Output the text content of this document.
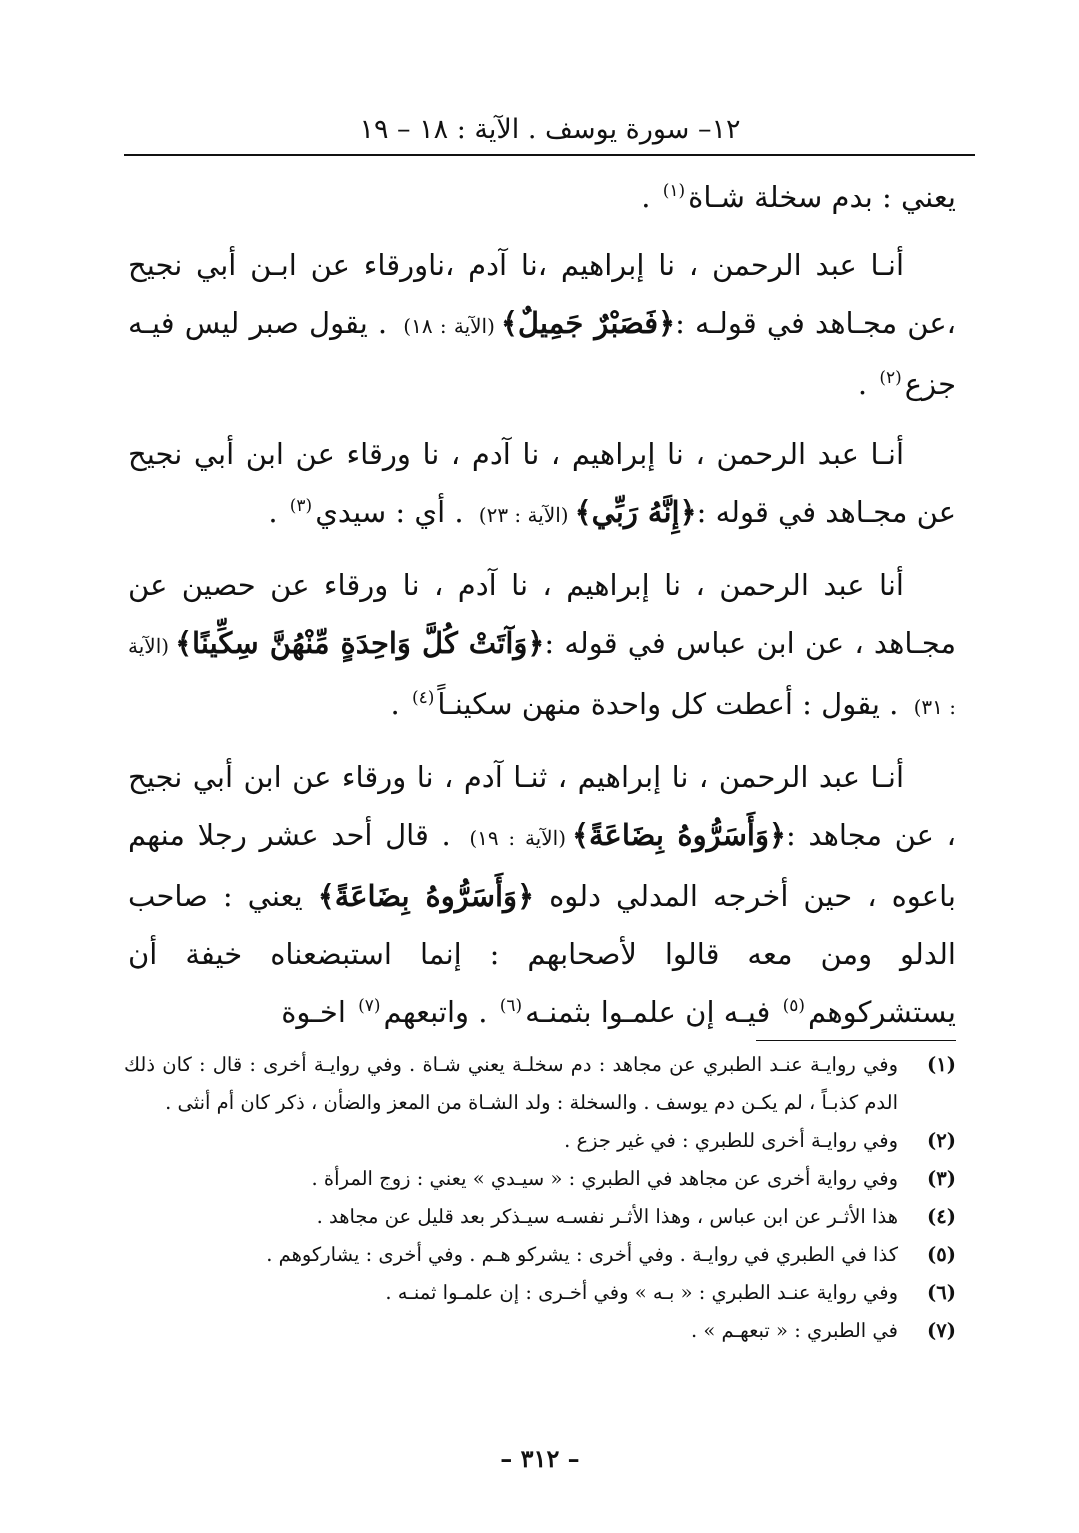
١٢– سورة يوسف . الآية : ١٨ – ١٩

يعني : بدم سخلة شـاة$^{(١)}$ .

أنـا عبد الرحمن ، نا إبراهيم ،نا آدم ،ناورقاء عن ابـن أبي نجيح ،عن مجـاهد في قولـه :﴿فَصَبْرٌ جَمِيلٌ﴾(الآية : ١٨) . يقول صبر ليس فيـه جزع$^{(٢)}$ .

أنـا عبد الرحمن ، نا إبراهيم ، نا آدم ، نا ورقاء عن ابن أبي نجيح عن مجـاهد في قوله :﴿إِنَّهُ رَبِّي﴾(الآية : ٢٣) . أي : سيدي$^{(٣)}$ .

أنا عبد الرحمن ، نا إبراهيم ، نا آدم ، نا ورقاء عن حصين عن مجـاهد ، عن ابن عباس في قوله :﴿وَآتَتْ كُلَّ وَاحِدَةٍ مِّنْهُنَّ سِكِّينًا﴾(الآية : ٣١) . يقول : أعطت كل واحدة منهن سكينـاً$^{(٤)}$ .

أنـا عبد الرحمن ، نا إبراهيم ، ثنـا آدم ، نا ورقاء عن ابن أبي نجيح ، عن مجاهد :﴿وَأَسَرُّوهُ بِضَاعَةً﴾(الآية : ١٩) . قال أحد عشر رجلا منهم باعوه ، حين أخرجه المدلي دلوه ﴿وَأَسَرُّوهُ بِضَاعَةً﴾ يعني : صاحب الدلو ومن معه قالوا لأصحابهم : إنما استبضعناه خيفة أن يستشركوهم$^{(٥)}$ فيـه إن علمـوا بثمنـه$^{(٦)}$ . واتبعهم$^{(٧)}$ اخـوة

(١)
وفي روايـة عنـد الطبري عن مجاهد : دم سخلـة يعني شـاة . وفي روايـة أخرى : قال : كان ذلك الدم كذبـاً ، لم يكـن دم يوسف . والسخلة : ولد الشـاة من المعز والضأن ، ذكر كان أم أنثى .
(٢)
وفي روايـة أخرى للطبري : في غير جزع .
(٣)
وفي رواية أخرى عن مجاهد في الطبري : « سيـدي » يعني : زوج المرأة .
(٤)
هذا الأثـر عن ابن عباس ، وهذا الأثـر نفسـه سيـذكر بعد قليل عن مجاهد .
(٥)
كذا في الطبري في روايـة . وفي أخرى : يشركو هـم . وفي أخرى : يشاركوهم .
(٦)
وفي رواية عنـد الطبري : « بـه » وفي أخـرى : إن علمـوا ثمنـه .
(٧)
في الطبري : « تبعهـم » .
– ٣١٢ –
